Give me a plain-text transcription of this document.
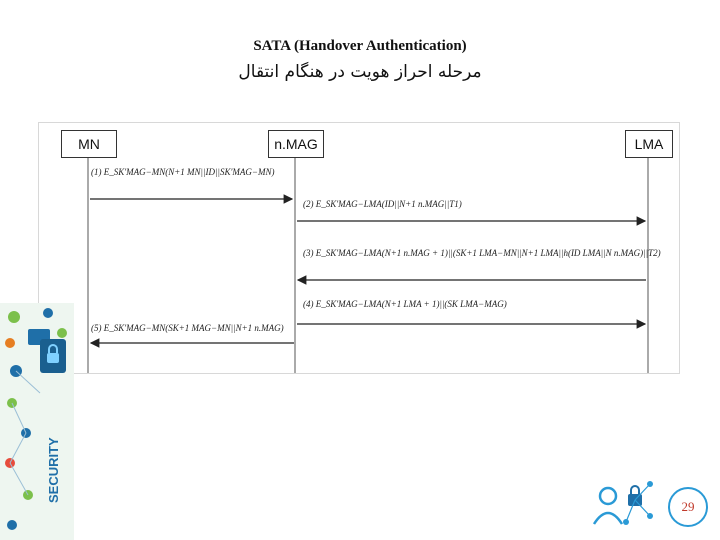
SATA (Handover Authentication)
مرحله احراز هویت در هنگام انتقال
MN	n.MAG	LMA
(1) E_SK'MAG−MN(N+1 MN||ID||SK'MAG−MN)
(2) E_SK'MAG−LMA(ID||N+1 n.MAG||T1)
(3) E_SK'MAG−LMA(N+1 n.MAG + 1)||(SK+1 LMA−MN||N+1 LMA||h(ID LMA||N n.MAG)||T2)
(4) E_SK'MAG−LMA(N+1 LMA + 1)||(SK LMA−MAG)
(5) E_SK'MAG−MN(SK+1 MAG−MN||N+1 n.MAG)
SECURITY
29
